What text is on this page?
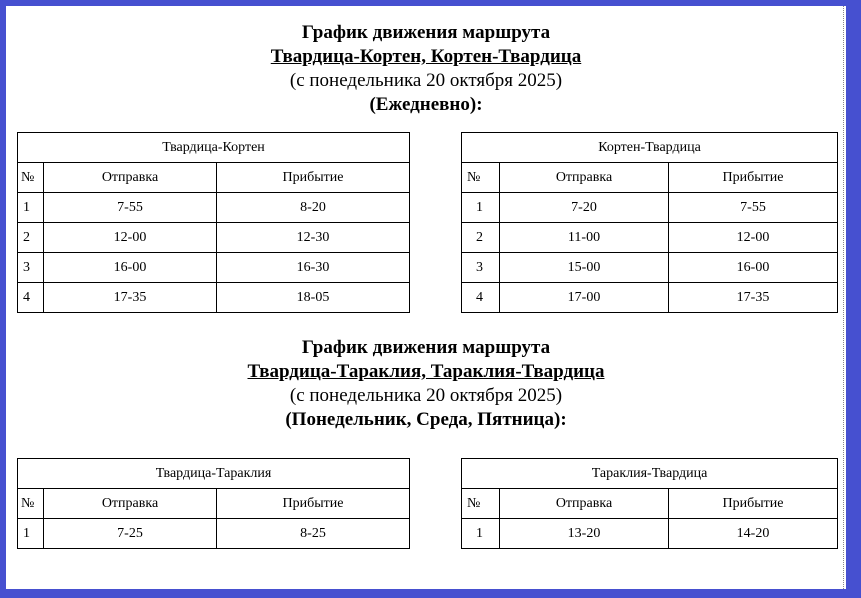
График движения маршрута
Твардица-Кортен, Кортен-Твардица
(с понедельника 20 октября 2025)
(Ежедневно):
Твардица-Кортен		
№	Отправка	Прибытие
1	7-55	8-20
2	12-00	12-30
3	16-00	16-30
4	17-35	18-05
Кортен-Твардица		
№	Отправка	Прибытие
1	7-20	7-55
2	11-00	12-00
3	15-00	16-00
4	17-00	17-35
График движения маршрута
Твардица-Тараклия, Тараклия-Твардица
(с понедельника 20 октября 2025)
(Понедельник, Среда, Пятница):
Твардица-Тараклия		
№	Отправка	Прибытие
1	7-25	8-25
Тараклия-Твардица		
№	Отправка	Прибытие
1	13-20	14-20
